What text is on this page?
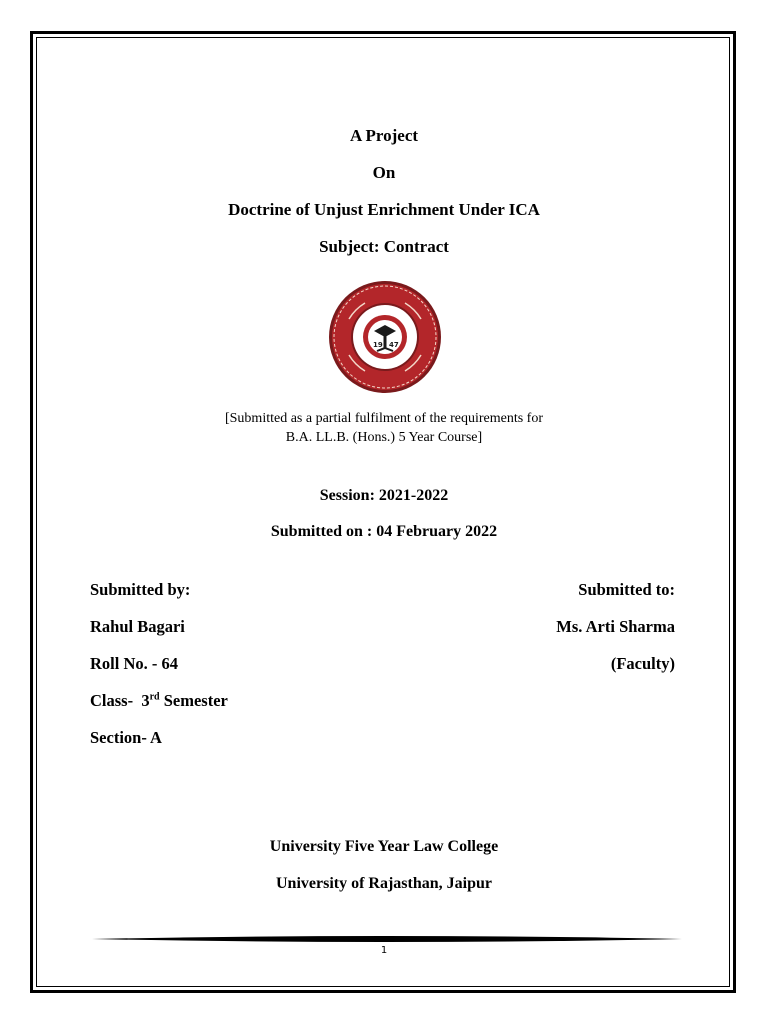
A Project
On
Doctrine of Unjust Enrichment Under ICA
Subject: Contract
19 47
[Submitted as a partial fulfilment of the requirements for
B.A. LL.B. (Hons.) 5 Year Course]
Session: 2021-2022
Submitted on : 04 February 2022
Submitted by:
Rahul Bagari
Roll No. - 64
Class-  3rd Semester
Section- A
Submitted to:
Ms. Arti Sharma
(Faculty)
University Five Year Law College
University of Rajasthan, Jaipur
1
